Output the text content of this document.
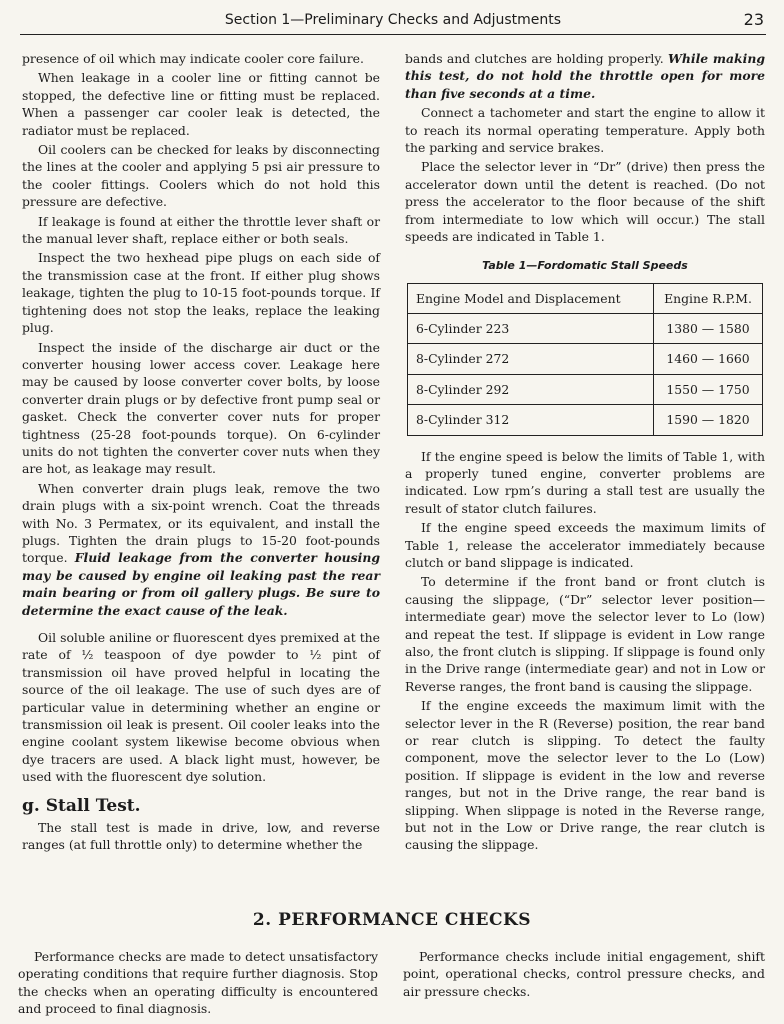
Section 1—Preliminary Checks and Adjustments	23

presence of oil which may indicate cooler core failure.

When leakage in a cooler line or fitting cannot be stopped, the defective line or fitting must be replaced. When a passenger car cooler leak is detected, the radiator must be replaced.

Oil coolers can be checked for leaks by disconnecting the lines at the cooler and applying 5 psi air pressure to the cooler fittings. Coolers which do not hold this pressure are defective.

If leakage is found at either the throttle lever shaft or the manual lever shaft, replace either or both seals.

Inspect the two hexhead pipe plugs on each side of the transmission case at the front. If either plug shows leakage, tighten the plug to 10-15 foot-pounds torque. If tightening does not stop the leaks, replace the leaking plug.

Inspect the inside of the discharge air duct or the converter housing lower access cover. Leakage here may be caused by loose converter cover bolts, by loose converter drain plugs or by defective front pump seal or gasket. Check the converter cover nuts for proper tightness (25-28 foot-pounds torque). On 6-cylinder units do not tighten the converter cover nuts when they are hot, as leakage may result.

When converter drain plugs leak, remove the two drain plugs with a six-point wrench. Coat the threads with No. 3 Permatex, or its equivalent, and install the plugs. Tighten the drain plugs to 15-20 foot-pounds torque. Fluid leakage from the converter housing may be caused by engine oil leaking past the rear main bearing or from oil gallery plugs. Be sure to determine the exact cause of the leak.

Oil soluble aniline or fluorescent dyes premixed at the rate of ½ teaspoon of dye powder to ½ pint of transmission oil have proved helpful in locating the source of the oil leakage. The use of such dyes are of particular value in determining whether an engine or transmission oil leak is present. Oil cooler leaks into the engine coolant system likewise become obvious when dye tracers are used. A black light must, however, be used with the fluorescent dye solution.

g. Stall Test.

The stall test is made in drive, low, and reverse ranges (at full throttle only) to determine whether the

bands and clutches are holding properly. While making this test, do not hold the throttle open for more than five seconds at a time.

Connect a tachometer and start the engine to allow it to reach its normal operating temperature. Apply both the parking and service brakes.

Place the selector lever in “Dr” (drive) then press the accelerator down until the detent is reached. (Do not press the accelerator to the floor because of the shift from intermediate to low which will occur.) The stall speeds are indicated in Table 1.

Table 1—Fordomatic Stall Speeds
Engine Model and Displacement	Engine R.P.M.
6-Cylinder 223	1380 — 1580
8-Cylinder 272	1460 — 1660
8-Cylinder 292	1550 — 1750
8-Cylinder 312	1590 — 1820

If the engine speed is below the limits of Table 1, with a properly tuned engine, converter problems are indicated. Low rpm’s during a stall test are usually the result of stator clutch failures.

If the engine speed exceeds the maximum limits of Table 1, release the accelerator immediately because clutch or band slippage is indicated.

To determine if the front band or front clutch is causing the slippage, (“Dr” selector lever position—intermediate gear) move the selector lever to Lo (low) and repeat the test. If slippage is evident in Low range also, the front clutch is slipping. If slippage is found only in the Drive range (intermediate gear) and not in Low or Reverse ranges, the front band is causing the slippage.

If the engine exceeds the maximum limit with the selector lever in the R (Reverse) position, the rear band or rear clutch is slipping. To detect the faulty component, move the selector lever to the Lo (Low) position. If slippage is evident in the low and reverse ranges, but not in the Drive range, the rear band is slipping. When slippage is noted in the Reverse range, but not in the Low or Drive range, the rear clutch is causing the slippage.

2. PERFORMANCE CHECKS

Performance checks are made to detect unsatisfactory operating conditions that require further diagnosis. Stop the checks when an operating difficulty is encountered and proceed to final diagnosis.

Performance checks include initial engagement, shift point, operational checks, control pressure checks, and air pressure checks.
